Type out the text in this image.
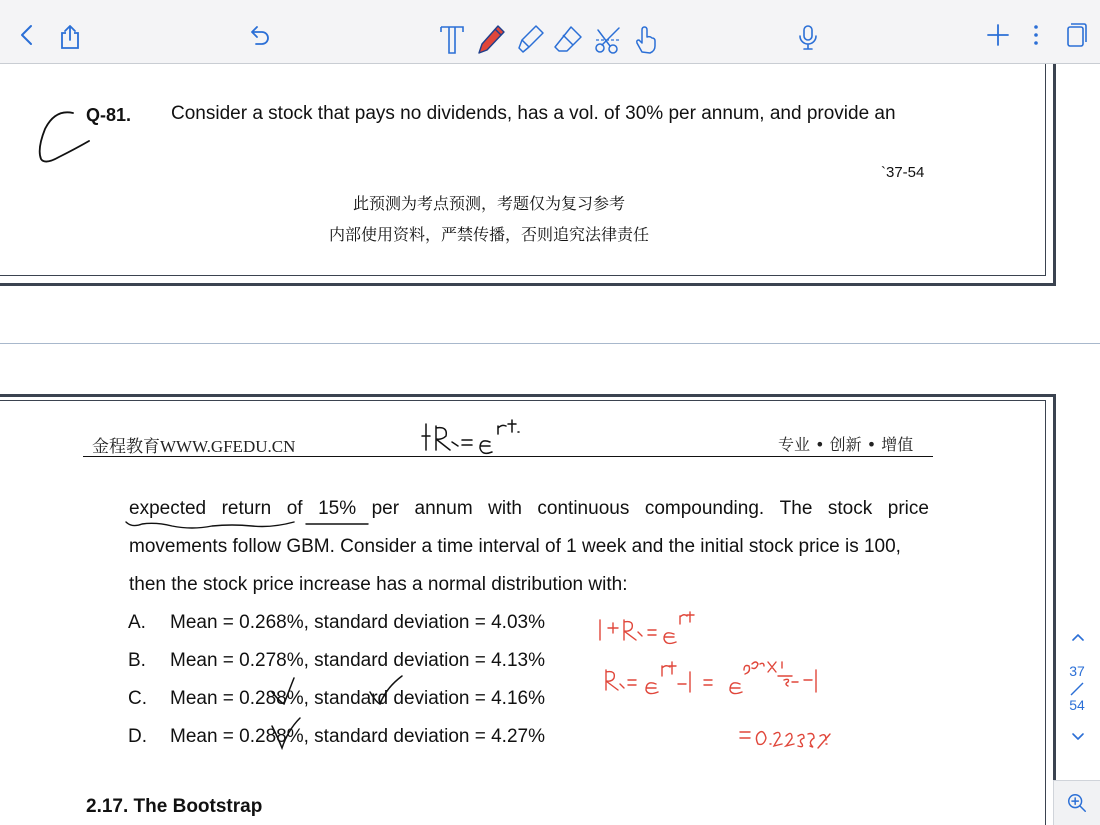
Q-81. Consider a stock that pays no dividends, has a vol. of 30% per annum, and provide an
`37-54
此预测为考点预测，考题仅为复习参考
内部使用资料，严禁传播，否则追究法律责任
金程教育WWW.GFEDU.CN	专业 • 创新 • 增值
expected return of 15% per annum with continuous compounding. The stock price
movements follow GBM. Consider a time interval of 1 week and the initial stock price is 100,
then the stock price increase has a normal distribution with:
A. Mean = 0.268%, standard deviation = 4.03%
B. Mean = 0.278%, standard deviation = 4.13%
C. Mean = 0.288%, standard deviation = 4.16%
D. Mean = 0.288%, standard deviation = 4.27%
2.17. The Bootstrap
37
54
